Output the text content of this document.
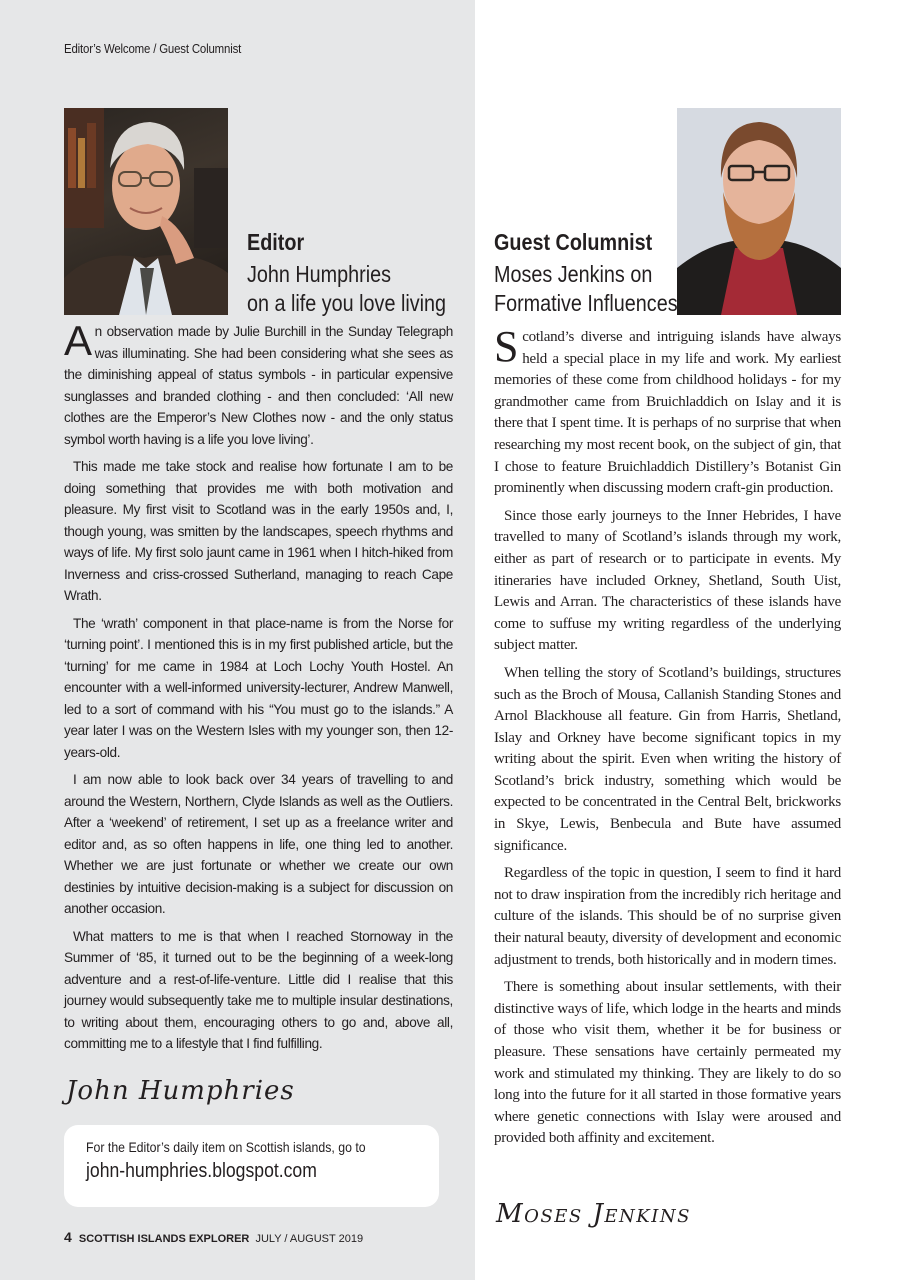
Editor’s Welcome / Guest Columnist
Editor
John Humphries
on a life you love living
Guest Columnist
Moses Jenkins on
Formative Influences

An observation made by Julie Burchill in the Sunday Telegraph was illuminating. She had been considering what she sees as the diminishing appeal of status symbols - in particular expensive sunglasses and branded clothing - and then concluded: ‘All new clothes are the Emperor’s New Clothes now - and the only status symbol worth having is a life you love living’.

This made me take stock and realise how fortunate I am to be doing something that provides me with both motivation and pleasure. My first visit to Scotland was in the early 1950s and, I, though young, was smitten by the landscapes, speech rhythms and ways of life. My first solo jaunt came in 1961 when I hitch-hiked from Inverness and criss-crossed Sutherland, managing to reach Cape Wrath.

The ‘wrath’ component in that place-name is from the Norse for ‘turning point’. I mentioned this is in my first published article, but the ‘turning’ for me came in 1984 at Loch Lochy Youth Hostel. An encounter with a well-informed university-lecturer, Andrew Manwell, led to a sort of command with his “You must go to the islands.” A year later I was on the Western Isles with my younger son, then 12-years-old.

I am now able to look back over 34 years of travelling to and around the Western, Northern, Clyde Islands as well as the Outliers. After a ‘weekend’ of retirement, I set up as a freelance writer and editor and, as so often happens in life, one thing led to another. Whether we are just fortunate or whether we create our own destinies by intuitive decision-making is a subject for discussion on another occasion.

What matters to me is that when I reached Stornoway in the Summer of ‘85, it turned out to be the beginning of a week-long adventure and a rest-of-life-venture. Little did I realise that this journey would subsequently take me to multiple insular destinations, to writing about them, encouraging others to go and, above all, committing me to a lifestyle that I find fulfilling.

Scotland’s diverse and intriguing islands have always held a special place in my life and work. My earliest memories of these come from childhood holidays - for my grandmother came from Bruichladdich on Islay and it is there that I spent time. It is perhaps of no surprise that when researching my most recent book, on the subject of gin, that I chose to feature Bruichladdich Distillery’s Botanist Gin prominently when discussing modern craft-gin production.

Since those early journeys to the Inner Hebrides, I have travelled to many of Scotland’s islands through my work, either as part of research or to participate in events. My itineraries have included Orkney, Shetland, South Uist, Lewis and Arran. The characteristics of these islands have come to suffuse my writing regardless of the underlying subject matter.

When telling the story of Scotland’s buildings, structures such as the Broch of Mousa, Callanish Standing Stones and Arnol Blackhouse all feature. Gin from Harris, Shetland, Islay and Orkney have become significant topics in my writing about the spirit. Even when writing the history of Scotland’s brick industry, something which would be expected to be concentrated in the Central Belt, brickworks in Skye, Lewis, Benbecula and Bute have assumed significance.

Regardless of the topic in question, I seem to find it hard not to draw inspiration from the incredibly rich heritage and culture of the islands. This should be of no surprise given their natural beauty, diversity of development and economic adjustment to trends, both historically and in modern times.

There is something about insular settlements, with their distinctive ways of life, which lodge in the hearts and minds of those who visit them, whether it be for business or pleasure. These sensations have certainly permeated my work and stimulated my thinking. They are likely to do so long into the future for it all started in those formative years where genetic connections with Islay were aroused and provided both affinity and excitement.

John Humphries
Moses Jenkins
For the Editor’s daily item on Scottish islands, go to
john-humphries.blogspot.com
4 SCOTTISH ISLANDS EXPLORER JULY / AUGUST 2019
